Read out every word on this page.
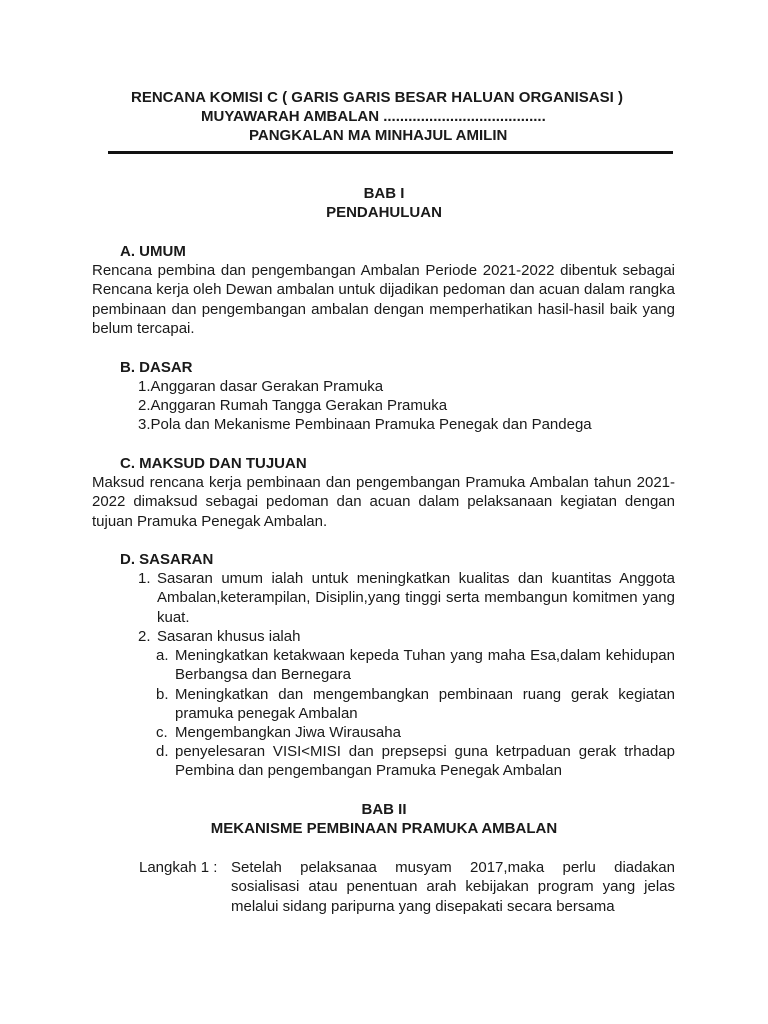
RENCANA KOMISI C ( GARIS GARIS BESAR HALUAN ORGANISASI )
MUYAWARAH AMBALAN .......................................
PANGKALAN MA MINHAJUL AMILIN
BAB I
PENDAHULUAN
A. UMUM
Rencana pembina dan pengembangan Ambalan Periode 2021-2022 dibentuk sebagai Rencana kerja oleh Dewan ambalan untuk dijadikan pedoman dan acuan dalam rangka pembinaan dan pengembangan ambalan dengan memperhatikan hasil-hasil baik yang belum tercapai.
B. DASAR
1.Anggaran dasar Gerakan Pramuka
2.Anggaran Rumah Tangga Gerakan Pramuka
3.Pola dan Mekanisme Pembinaan Pramuka Penegak dan Pandega
C. MAKSUD DAN TUJUAN
Maksud rencana kerja pembinaan dan pengembangan Pramuka Ambalan tahun 2021-2022 dimaksud sebagai pedoman dan acuan dalam pelaksanaan kegiatan dengan tujuan Pramuka Penegak Ambalan.
D. SASARAN
1. Sasaran umum ialah untuk meningkatkan kualitas dan kuantitas Anggota Ambalan,keterampilan, Disiplin,yang tinggi serta membangun komitmen yang kuat.
2. Sasaran khusus ialah
a. Meningkatkan ketakwaan kepeda Tuhan yang maha Esa,dalam kehidupan Berbangsa dan Bernegara
b. Meningkatkan dan mengembangkan pembinaan ruang gerak kegiatan pramuka penegak Ambalan
c. Mengembangkan Jiwa Wirausaha
d. penyelesaran VISI<MISI dan prepsepsi guna ketrpaduan gerak trhadap Pembina dan pengembangan Pramuka Penegak Ambalan
BAB II
MEKANISME PEMBINAAN PRAMUKA AMBALAN
Langkah 1 : Setelah pelaksanaa musyam 2017,maka perlu diadakan sosialisasi atau penentuan arah kebijakan program yang jelas melalui sidang paripurna yang disepakati secara bersama
